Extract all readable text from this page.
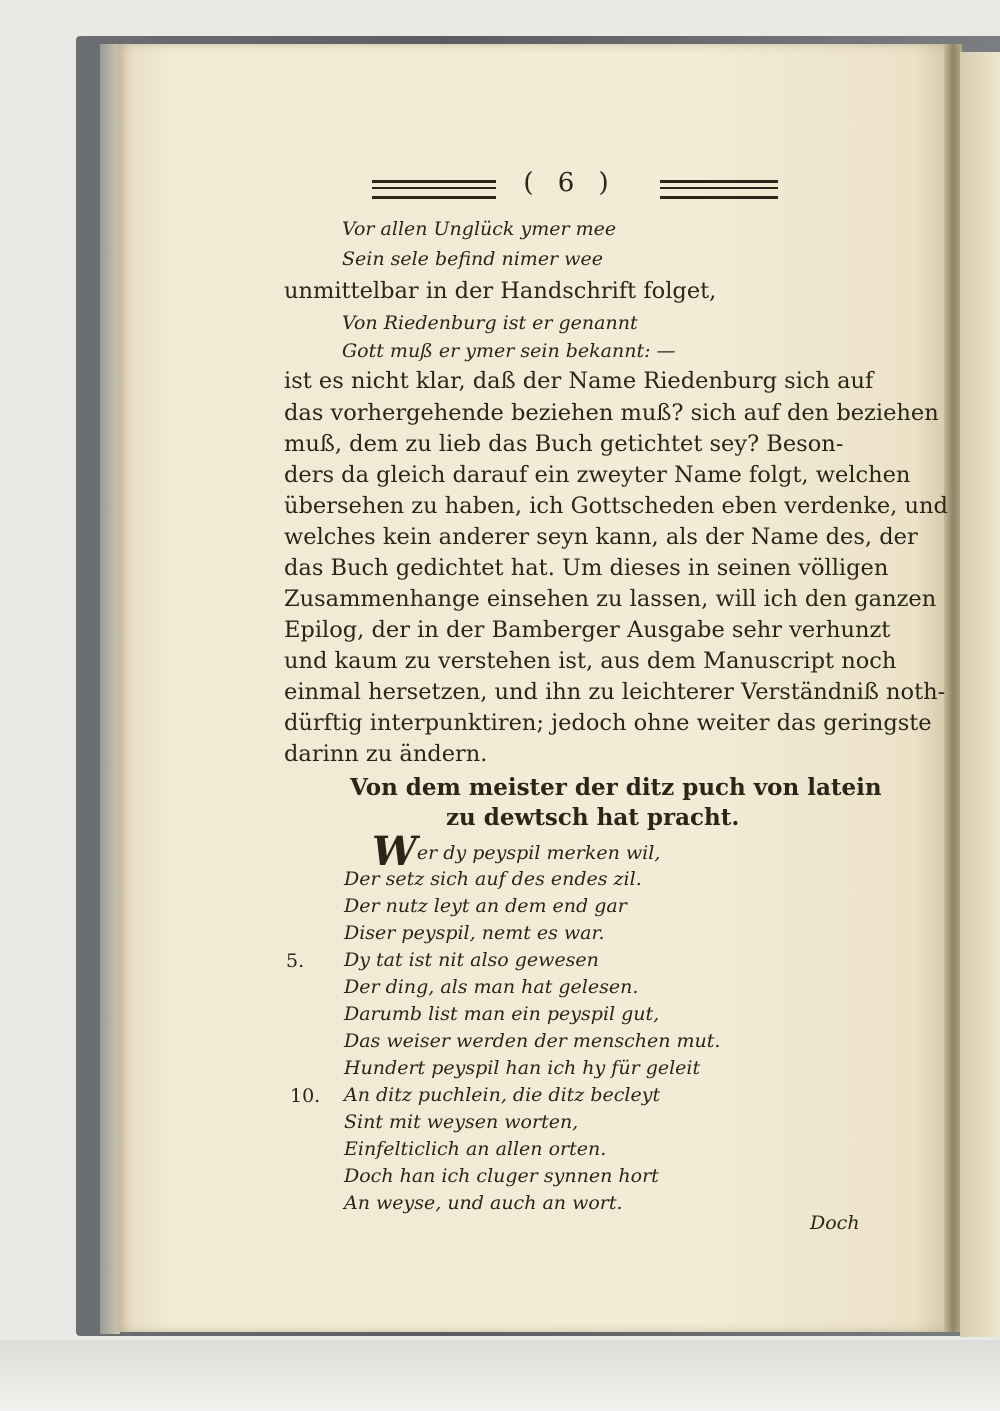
( 6 )
Vor allen Unglück ymer mee
Sein sele befind nimer wee
unmittelbar in der Handschrift folget,
Von Riedenburg ist er genannt
Gott muß er ymer sein bekannt: —
ist es nicht klar, daß der Name Riedenburg sich auf
das vorhergehende beziehen muß? sich auf den beziehen
muß, dem zu lieb das Buch getichtet sey? Beson-
ders da gleich darauf ein zweyter Name folgt, welchen
übersehen zu haben, ich Gottscheden eben verdenke, und
welches kein anderer seyn kann, als der Name des, der
das Buch gedichtet hat. Um dieses in seinen völligen
Zusammenhange einsehen zu lassen, will ich den ganzen
Epilog, der in der Bamberger Ausgabe sehr verhunzt
und kaum zu verstehen ist, aus dem Manuscript noch
einmal hersetzen, und ihn zu leichterer Verständniß noth-
dürftig interpunktiren; jedoch ohne weiter das geringste
darinn zu ändern.
Von dem meister der ditz puch von latein
zu dewtsch hat pracht.
Wer dy peyspil merken wil,
Der setz sich auf des endes zil.
Der nutz leyt an dem end gar
Diser peyspil, nemt es war.
5. Dy tat ist nit also gewesen
Der ding, als man hat gelesen.
Darumb list man ein peyspil gut,
Das weiser werden der menschen mut.
Hundert peyspil han ich hy für geleit
10. An ditz puchlein, die ditz becleyt
Sint mit weysen worten,
Einfelticlich an allen orten.
Doch han ich cluger synnen hort
An weyse, und auch an wort.
Doch
